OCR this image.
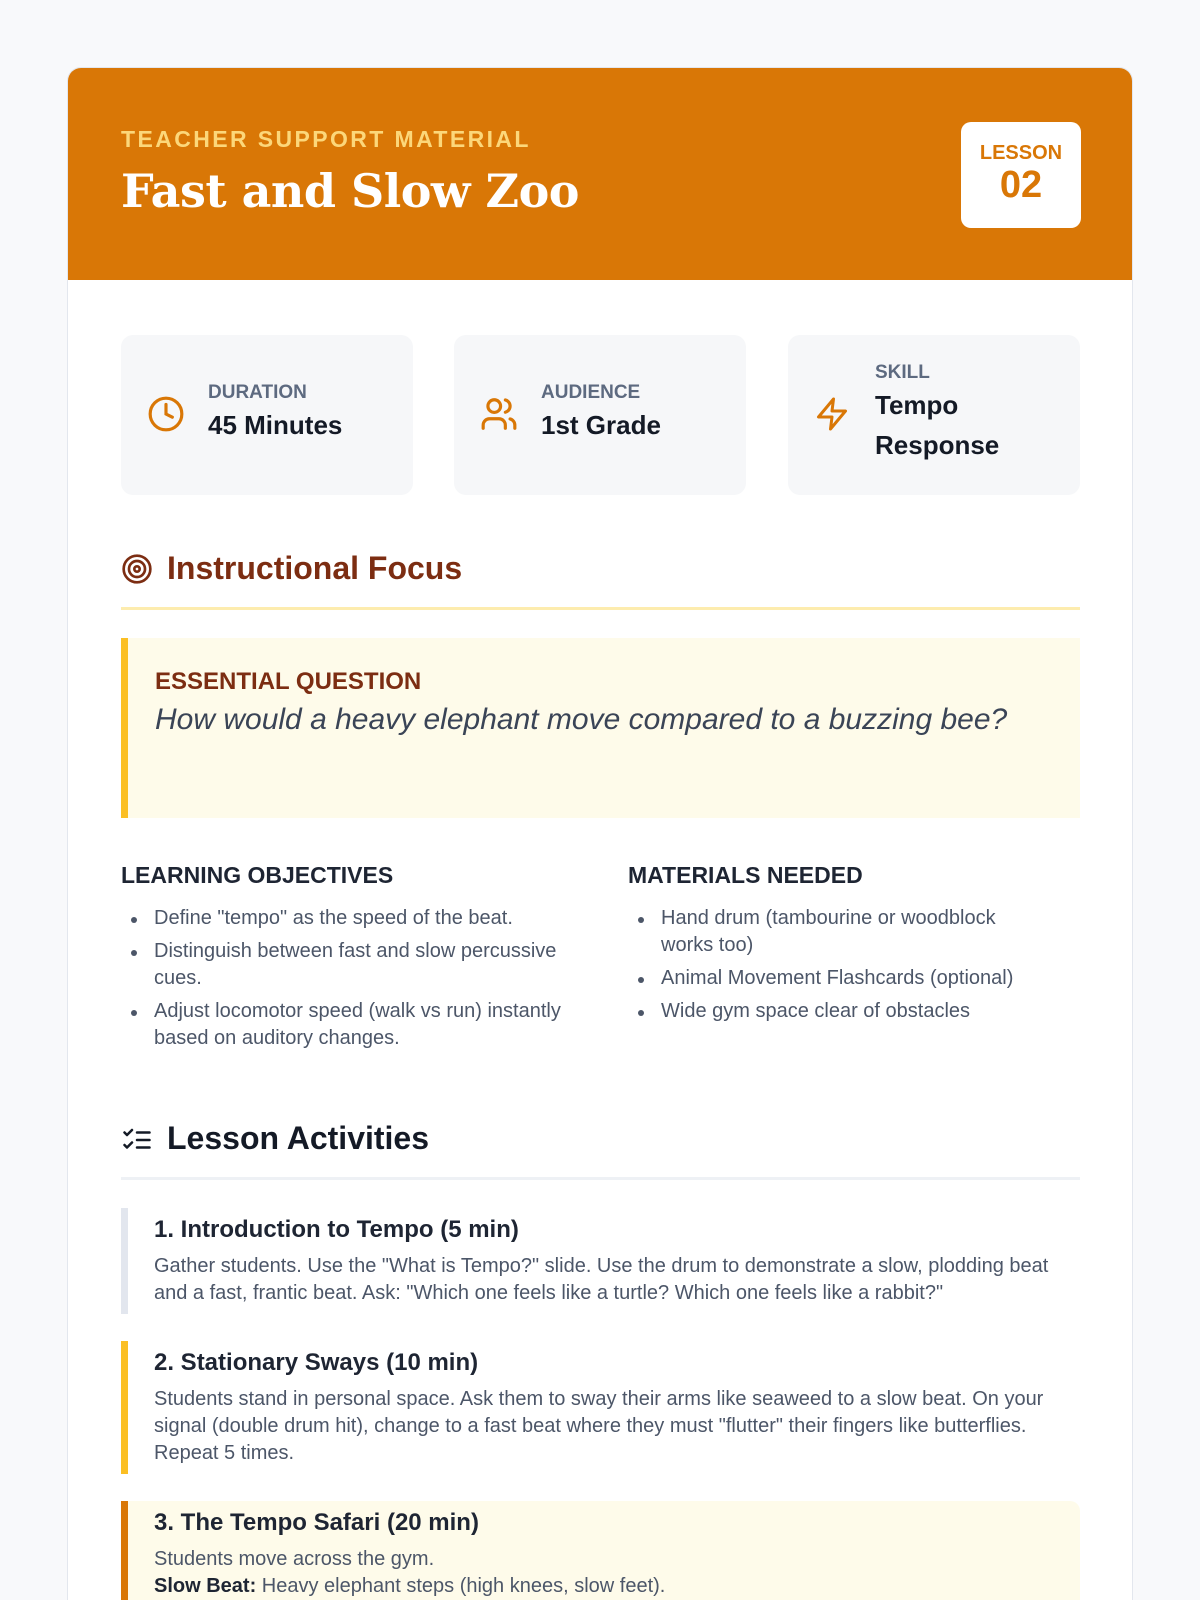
TEACHER SUPPORT MATERIAL
Fast and Slow Zoo
LESSON
02
DURATION
45 Minutes
AUDIENCE
1st Grade
SKILL
Tempo Response
Instructional Focus
ESSENTIAL QUESTION
How would a heavy elephant move compared to a buzzing bee?
LEARNING OBJECTIVES
Define "tempo" as the speed of the beat.
Distinguish between fast and slow percussive cues.
Adjust locomotor speed (walk vs run) instantly based on auditory changes.
MATERIALS NEEDED
Hand drum (tambourine or woodblock works too)
Animal Movement Flashcards (optional)
Wide gym space clear of obstacles
Lesson Activities
1. Introduction to Tempo (5 min)
Gather students. Use the "What is Tempo?" slide. Use the drum to demonstrate a slow, plodding beat and a fast, frantic beat. Ask: "Which one feels like a turtle? Which one feels like a rabbit?"
2. Stationary Sways (10 min)
Students stand in personal space. Ask them to sway their arms like seaweed to a slow beat. On your signal (double drum hit), change to a fast beat where they must "flutter" their fingers like butterflies. Repeat 5 times.
3. The Tempo Safari (20 min)
Students move across the gym.
Slow Beat: Heavy elephant steps (high knees, slow feet).
